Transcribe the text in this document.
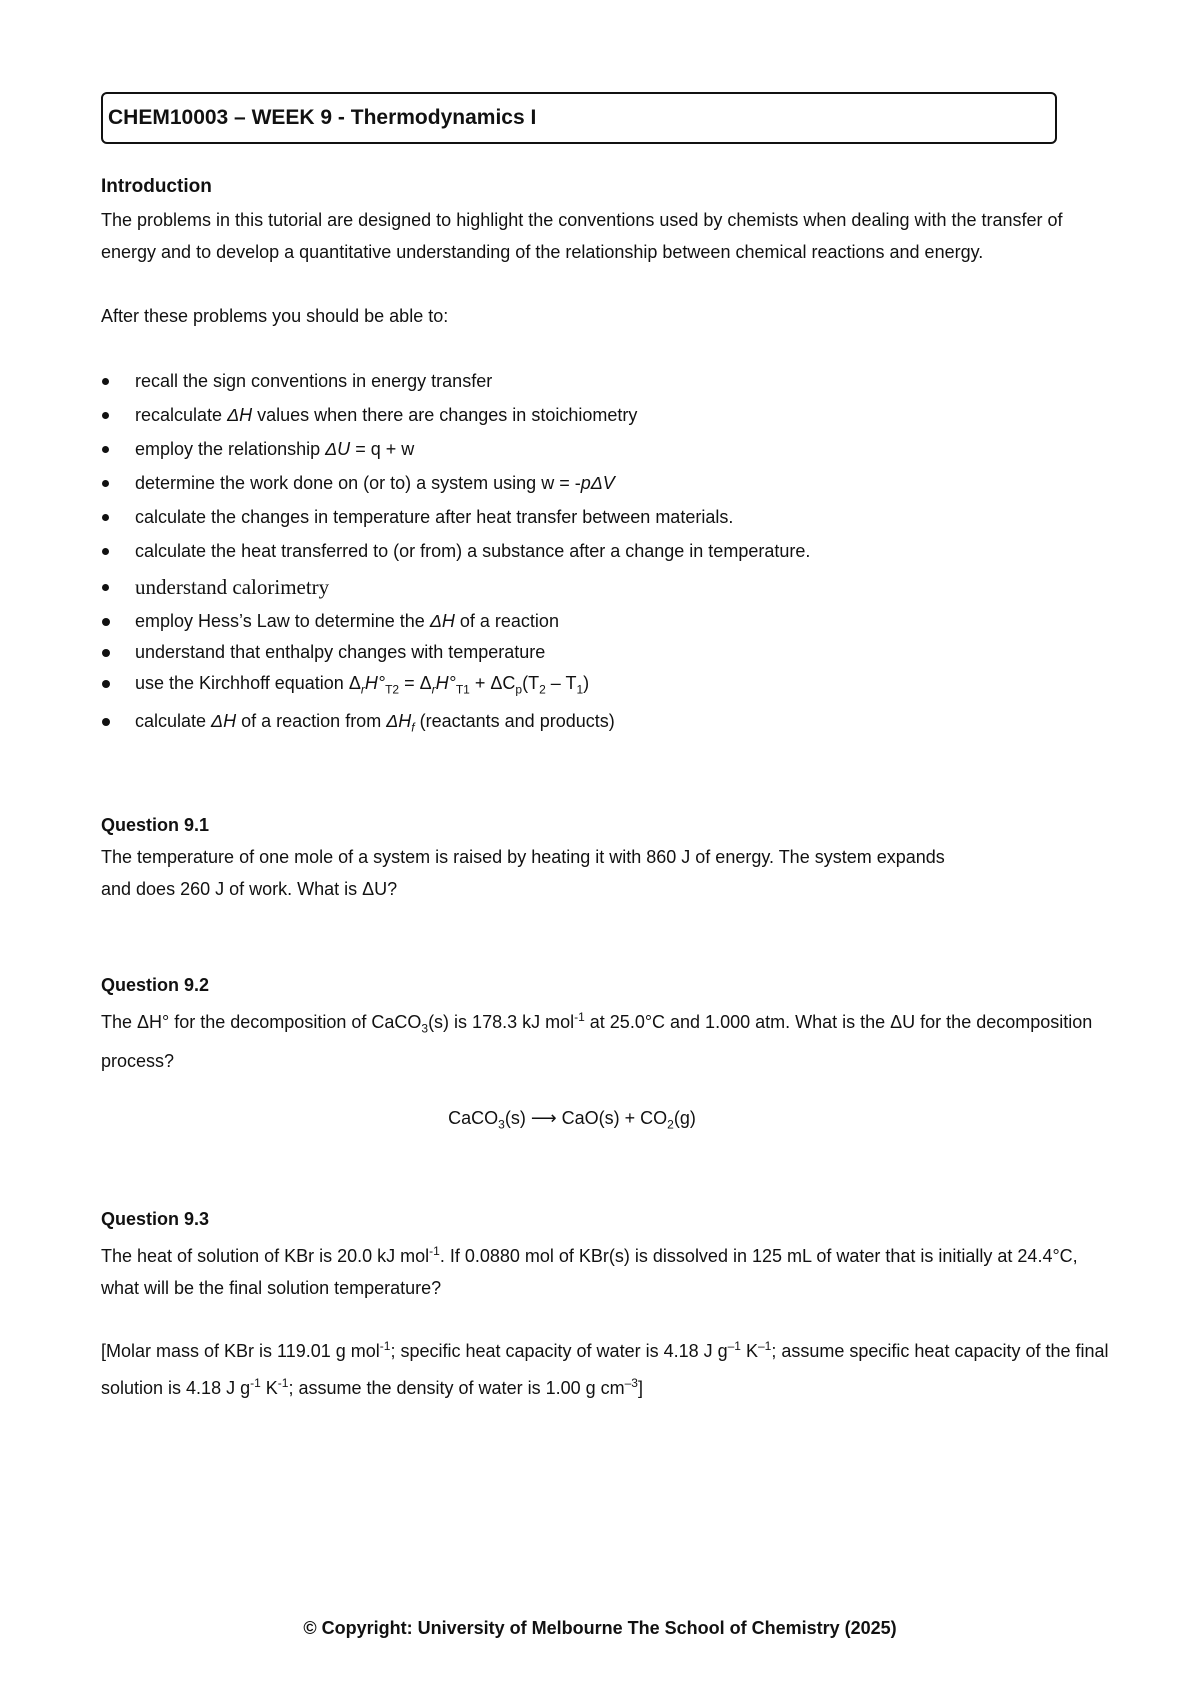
CHEM10003 – WEEK 9 - Thermodynamics I
Introduction
The problems in this tutorial are designed to highlight the conventions used by chemists when dealing with the transfer of energy and to develop a quantitative understanding of the relationship between chemical reactions and energy.
After these problems you should be able to:
recall the sign conventions in energy transfer
recalculate ΔH values when there are changes in stoichiometry
employ the relationship ΔU = q + w
determine the work done on (or to) a system using w = -pΔV
calculate the changes in temperature after heat transfer between materials.
calculate the heat transferred to (or from) a substance after a change in temperature.
understand calorimetry
employ Hess’s Law to determine the ΔH of a reaction
understand that enthalpy changes with temperature
use the Kirchhoff equation $\Delta_rH^\circ_{T2} = \Delta_rH^\circ_{T1} + \Delta C_p(T_2 - T_1)$
calculate ΔH of a reaction from $\Delta H_f$ (reactants and products)
Question 9.1
The temperature of one mole of a system is raised by heating it with 860 J of energy. The system expands
and does 260 J of work. What is ΔU?
Question 9.2
The ΔH° for the decomposition of CaCO$_3$(s) is 178.3 kJ mol$^{-1}$ at 25.0°C and 1.000 atm. What is the ΔU for the decomposition process?
CaCO$_3$(s) ⟶ $CaO(s) + CO_2(g)$
Question 9.3
The heat of solution of KBr is 20.0 kJ mol$^{-1}$. If 0.0880 mol of KBr(s) is dissolved in 125 mL of water that is initially at 24.4°C, what will be the final solution temperature?
[Molar mass of KBr is 119.01 g mol$^{-1}$; specific heat capacity of water is 4.18 J $g^{-1}$ $K^{-1}$; assume specific heat capacity of the final solution is 4.18 J $g^{-1}$ $K^{-1}$; assume the density of water is 1.00 g $cm^{-3}$]
© Copyright: University of Melbourne The School of Chemistry (2025)
